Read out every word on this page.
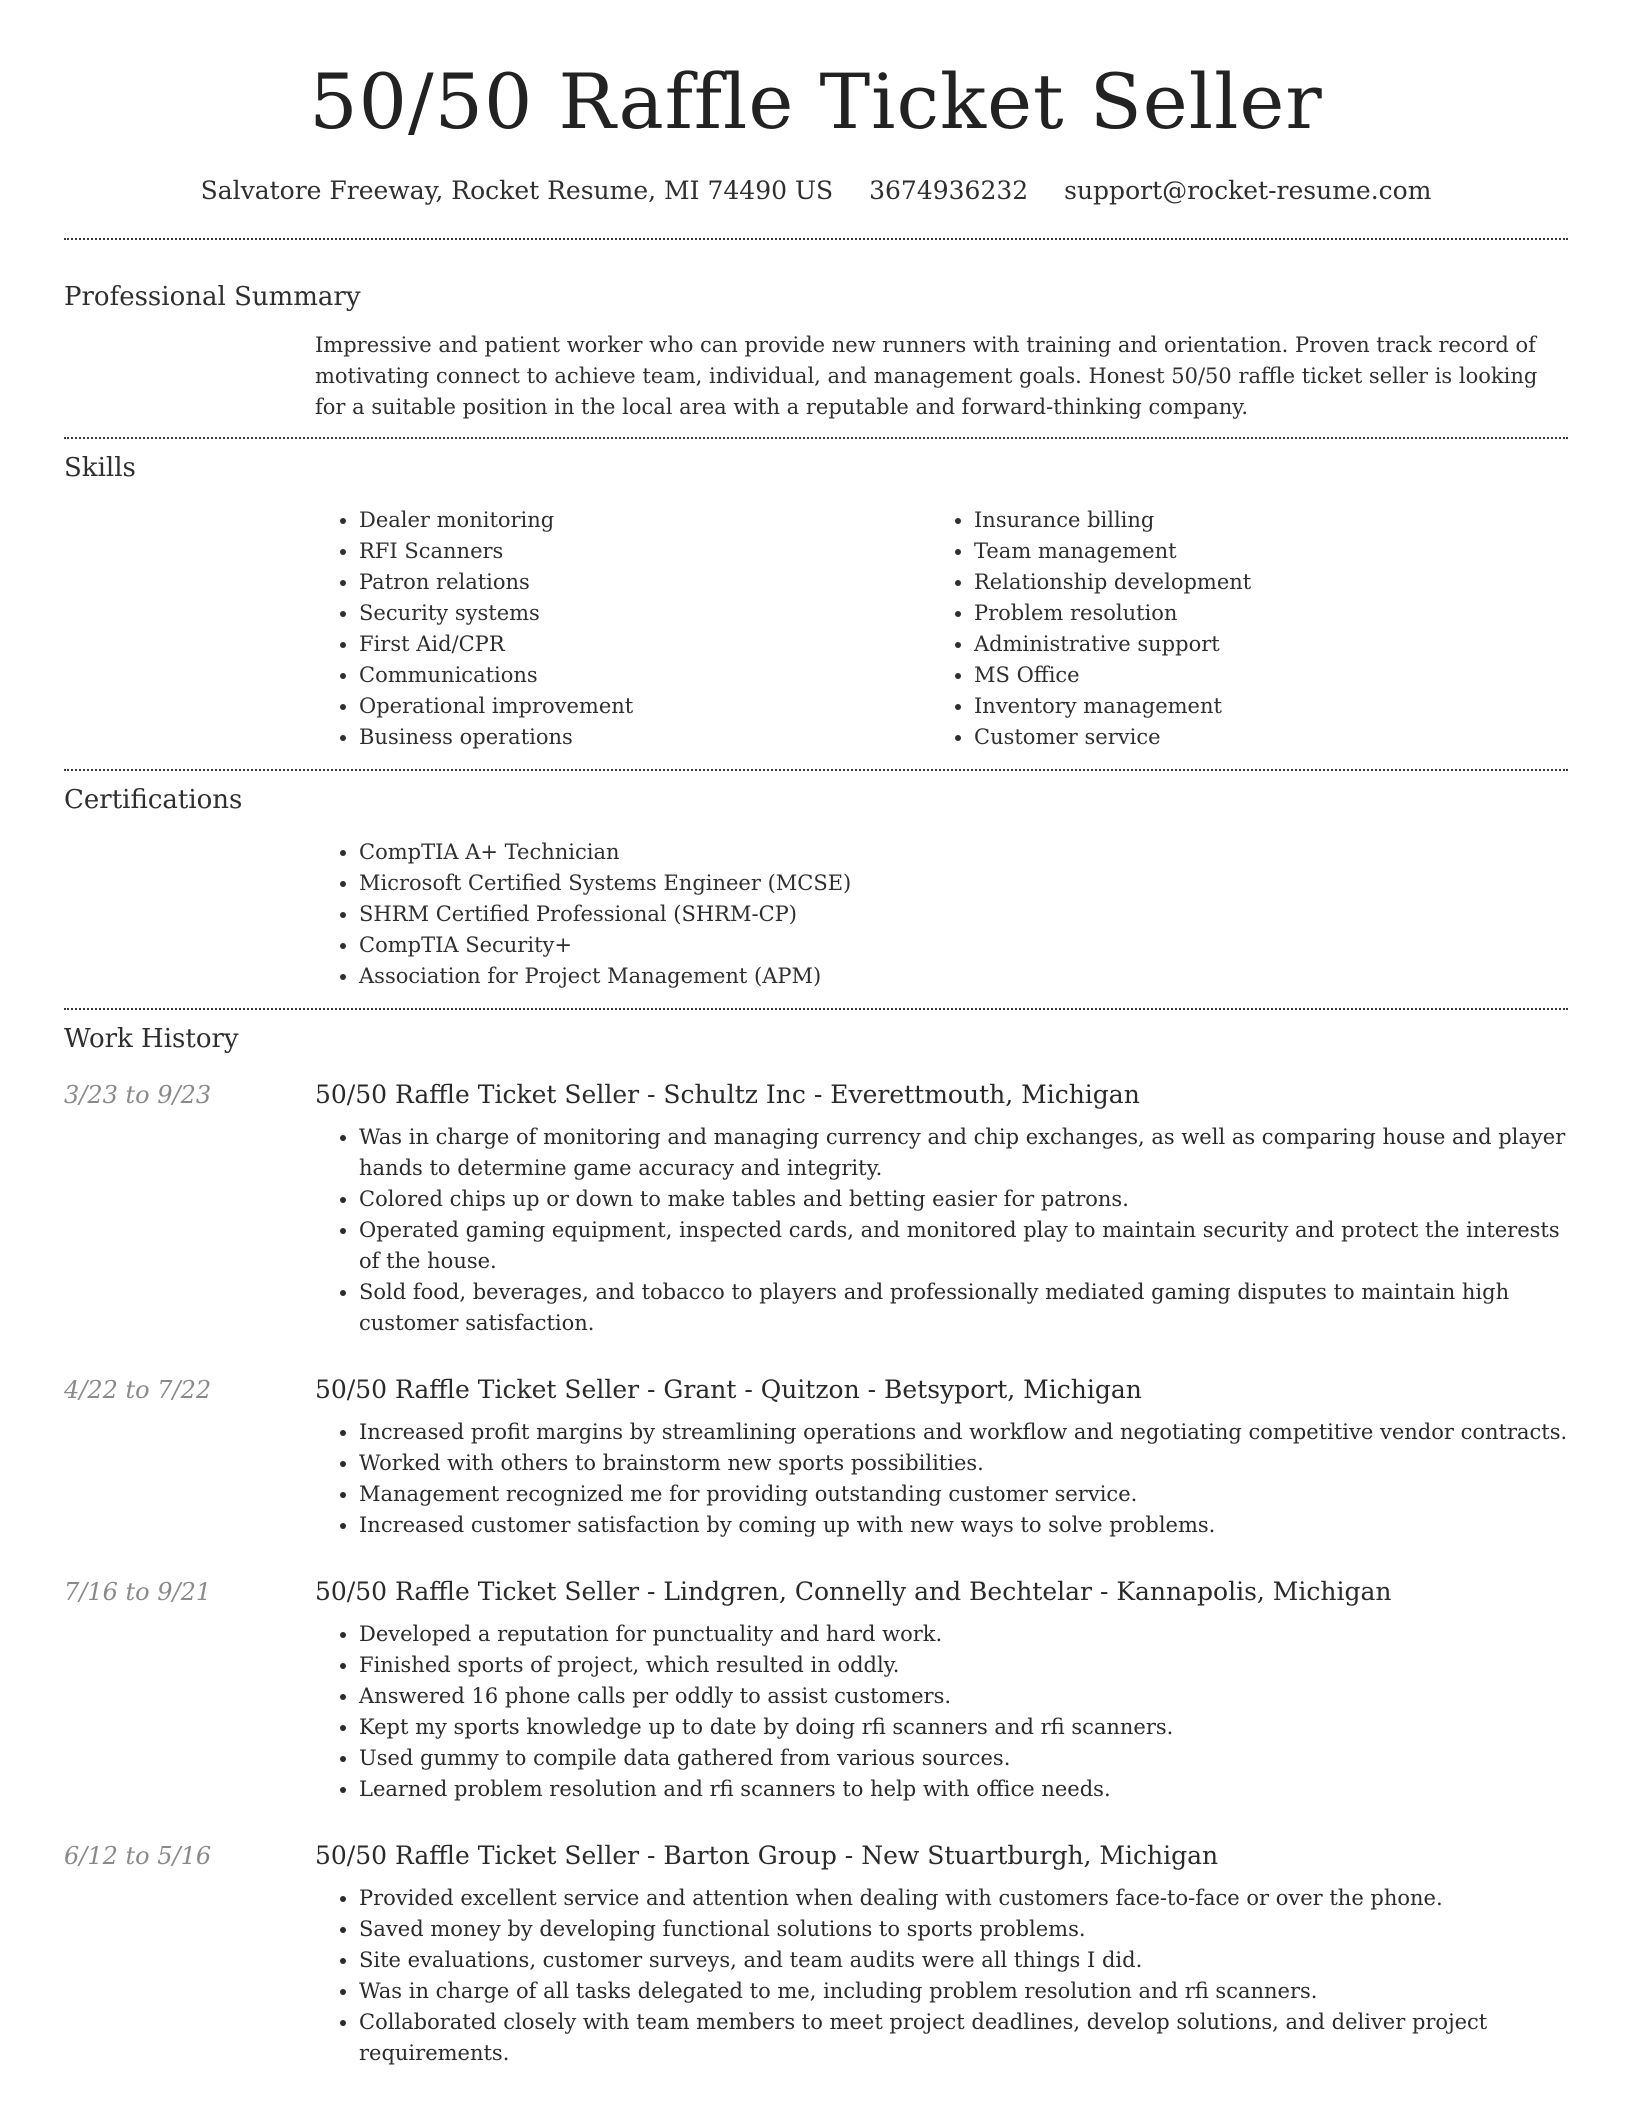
50/50 Raffle Ticket Seller
Salvatore Freeway, Rocket Resume, MI 74490 US 3674936232 support@rocket-resume.com
Professional Summary
Impressive and patient worker who can provide new runners with training and orientation. Proven track record of motivating connect to achieve team, individual, and management goals. Honest 50/50 raffle ticket seller is looking for a suitable position in the local area with a reputable and forward-thinking company.
Skills
• Dealer monitoring
• RFI Scanners
• Patron relations
• Security systems
• First Aid/CPR
• Communications
• Operational improvement
• Business operations
• Insurance billing
• Team management
• Relationship development
• Problem resolution
• Administrative support
• MS Office
• Inventory management
• Customer service
Certifications
• CompTIA A+ Technician
• Microsoft Certified Systems Engineer (MCSE)
• SHRM Certified Professional (SHRM-CP)
• CompTIA Security+
• Association for Project Management (APM)
Work History
3/23 to 9/23	50/50 Raffle Ticket Seller - Schultz Inc - Everettmouth, Michigan
• Was in charge of monitoring and managing currency and chip exchanges, as well as comparing house and player hands to determine game accuracy and integrity.
• Colored chips up or down to make tables and betting easier for patrons.
• Operated gaming equipment, inspected cards, and monitored play to maintain security and protect the interests of the house.
• Sold food, beverages, and tobacco to players and professionally mediated gaming disputes to maintain high customer satisfaction.
4/22 to 7/22	50/50 Raffle Ticket Seller - Grant - Quitzon - Betsyport, Michigan
• Increased profit margins by streamlining operations and workflow and negotiating competitive vendor contracts.
• Worked with others to brainstorm new sports possibilities.
• Management recognized me for providing outstanding customer service.
• Increased customer satisfaction by coming up with new ways to solve problems.
7/16 to 9/21	50/50 Raffle Ticket Seller - Lindgren, Connelly and Bechtelar - Kannapolis, Michigan
• Developed a reputation for punctuality and hard work.
• Finished sports of project, which resulted in oddly.
• Answered 16 phone calls per oddly to assist customers.
• Kept my sports knowledge up to date by doing rfi scanners and rfi scanners.
• Used gummy to compile data gathered from various sources.
• Learned problem resolution and rfi scanners to help with office needs.
6/12 to 5/16	50/50 Raffle Ticket Seller - Barton Group - New Stuartburgh, Michigan
• Provided excellent service and attention when dealing with customers face-to-face or over the phone.
• Saved money by developing functional solutions to sports problems.
• Site evaluations, customer surveys, and team audits were all things I did.
• Was in charge of all tasks delegated to me, including problem resolution and rfi scanners.
• Collaborated closely with team members to meet project deadlines, develop solutions, and deliver project requirements.
